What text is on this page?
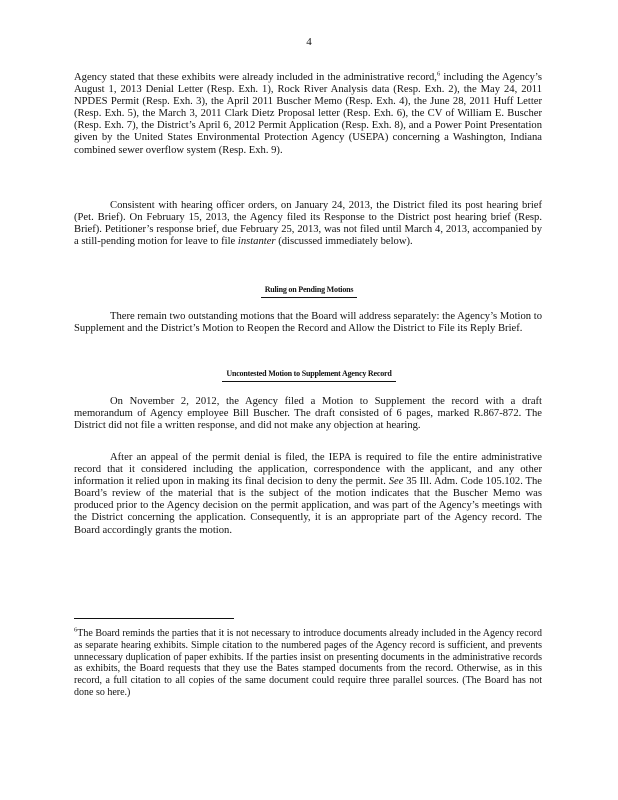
4

Agency stated that these exhibits were already included in the administrative record,$^6$ including the Agency’s August 1, 2013 Denial Letter (Resp. Exh. 1), Rock River Analysis data (Resp. Exh. 2), the May 24, 2011 NPDES Permit (Resp. Exh. 3), the April 2011 Buscher Memo (Resp. Exh. 4), the June 28, 2011 Huff Letter (Resp. Exh. 5), the March 3, 2011 Clark Dietz Proposal letter (Resp. Exh. 6), the CV of William E. Buscher (Resp. Exh. 7), the District’s April 6, 2012 Permit Application (Resp. Exh. 8), and a Power Point Presentation given by the United States Environmental Protection Agency (USEPA) concerning a Washington, Indiana combined sewer overflow system (Resp. Exh. 9).

Consistent with hearing officer orders, on January 24, 2013, the District filed its post hearing brief (Pet. Brief). On February 15, 2013, the Agency filed its Response to the District post hearing brief (Resp. Brief). Petitioner’s response brief, due February 25, 2013, was not filed until March 4, 2013, accompanied by a still-pending motion for leave to file instanter (discussed immediately below).

Ruling on Pending Motions

There remain two outstanding motions that the Board will address separately: the Agency’s Motion to Supplement and the District’s Motion to Reopen the Record and Allow the District to File its Reply Brief.

Uncontested Motion to Supplement Agency Record

On November 2, 2012, the Agency filed a Motion to Supplement the record with a draft memorandum of Agency employee Bill Buscher. The draft consisted of 6 pages, marked R.867-872. The District did not file a written response, and did not make any objection at hearing.

After an appeal of the permit denial is filed, the IEPA is required to file the entire administrative record that it considered including the application, correspondence with the applicant, and any other information it relied upon in making its final decision to deny the permit. See 35 Ill. Adm. Code 105.102. The Board’s review of the material that is the subject of the motion indicates that the Buscher Memo was produced prior to the Agency decision on the permit application, and was part of the Agency’s meetings with the District concerning the application. Consequently, it is an appropriate part of the Agency record. The Board accordingly grants the motion.

$^6$The Board reminds the parties that it is not necessary to introduce documents already included in the Agency record as separate hearing exhibits. Simple citation to the numbered pages of the Agency record is sufficient, and prevents unnecessary duplication of paper exhibits. If the parties insist on presenting documents in the administrative records as exhibits, the Board requests that they use the Bates stamped documents from the record. Otherwise, as in this record, a full citation to all copies of the same document could require three parallel sources. (The Board has not done so here.)
